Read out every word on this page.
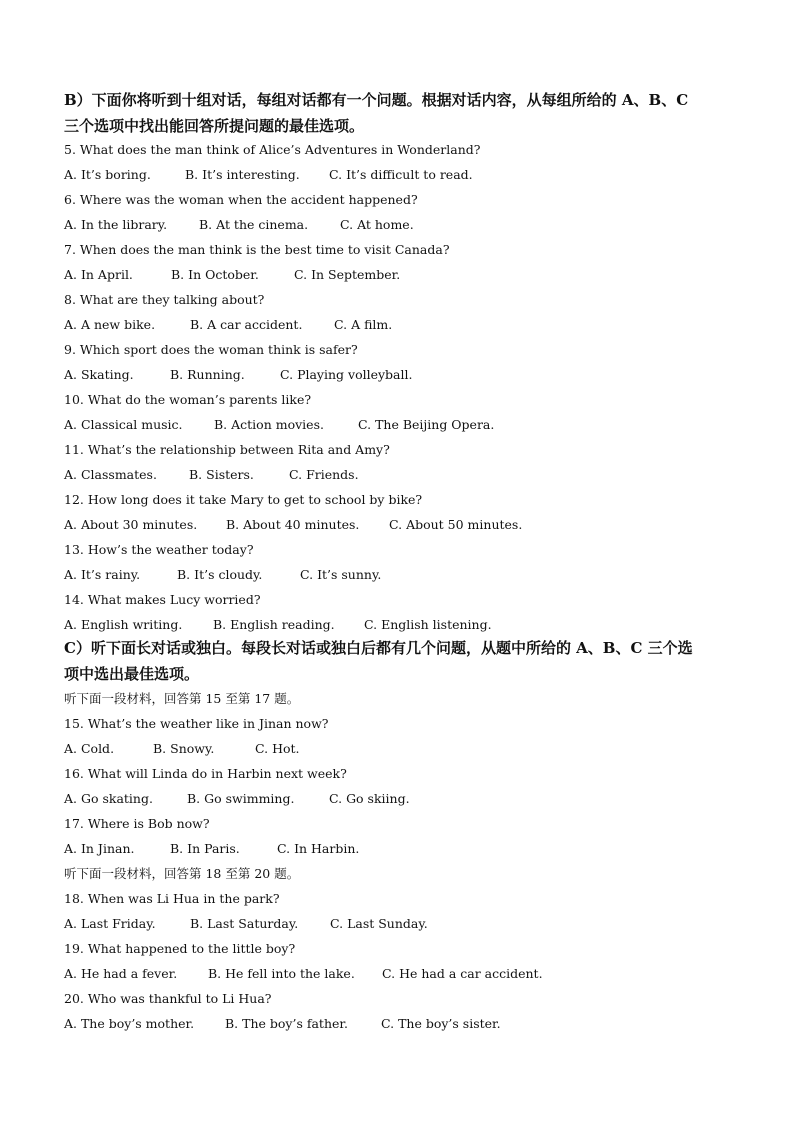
B）下面你将听到十组对话，每组对话都有一个问题。根据对话内容，从每组所给的 A、B、C
三个选项中找出能回答所提问题的最佳选项。
5. What does the man think of Alice’s Adventures in Wonderland?
A. It’s boring.	B. It’s interesting. C. It’s difficult to read.
6. Where was the woman when the accident happened?
A. In the library.	B. At the cinema.	C. At home.
7. When does the man think is the best time to visit Canada?
A. In April.	B. In October.	C. In September.
8. What are they talking about?
A. A new bike.	B. A car accident.	C. A film.
9. Which sport does the woman think is safer?
A. Skating.	B. Running.	C. Playing volleyball.
10. What do the woman’s parents like?
A. Classical music.	B. Action movies.	C. The Beijing Opera.
11. What’s the relationship between Rita and Amy?
A. Classmates.	B. Sisters.	C. Friends.
12. How long does it take Mary to get to school by bike?
A. About 30 minutes. B. About 40 minutes. C. About 50 minutes.
13. How’s the weather today?
A. It’s rainy.	B. It’s cloudy.	C. It’s sunny.
14. What makes Lucy worried?
A. English writing. B. English reading. C. English listening.
C）听下面长对话或独白。每段长对话或独白后都有几个问题，从题中所给的 A、B、C 三个选
项中选出最佳选项。
听下面一段材料，回答第 15 至第 17 题。
15. What’s the weather like in Jinan now?
A. Cold.	B. Snowy.	C. Hot.
16. What will Linda do in Harbin next week?
A. Go skating.	B. Go swimming.	C. Go skiing.
17. Where is Bob now?
A. In Jinan.	B. In Paris.	C. In Harbin.
听下面一段材料，回答第 18 至第 20 题。
18. When was Li Hua in the park?
A. Last Friday.	B. Last Saturday.	C. Last Sunday.
19. What happened to the little boy?
A. He had a fever. B. He fell into the lake. C. He had a car accident.
20. Who was thankful to Li Hua?
A. The boy’s mother. B. The boy’s father.	C. The boy’s sister.
